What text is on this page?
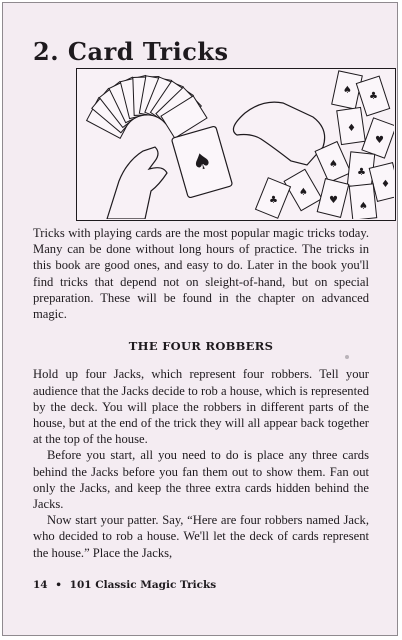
2. Card Tricks
♠
♠
♣
♦
♥
♠
♣
♦
♠
♥
♠
♣

Tricks with playing cards are the most popular magic tricks today. Many can be done without long hours of practice. The tricks in this book are good ones, and easy to do. Later in the book you'll find tricks that depend not on sleight-of-hand, but on special preparation. These will be found in the chapter on advanced magic.

THE FOUR ROBBERS

Hold up four Jacks, which represent four robbers. Tell your audience that the Jacks decide to rob a house, which is represented by the deck. You will place the robbers in different parts of the house, but at the end of the trick they will all appear back together at the top of the house.

Before you start, all you need to do is place any three cards behind the Jacks before you fan them out to show them. Fan out only the Jacks, and keep the three extra cards hidden behind the Jacks.

Now start your patter. Say, “Here are four robbers named Jack, who decided to rob a house. We'll let the deck of cards represent the house.” Place the Jacks,

14 • 101 Classic Magic Tricks
